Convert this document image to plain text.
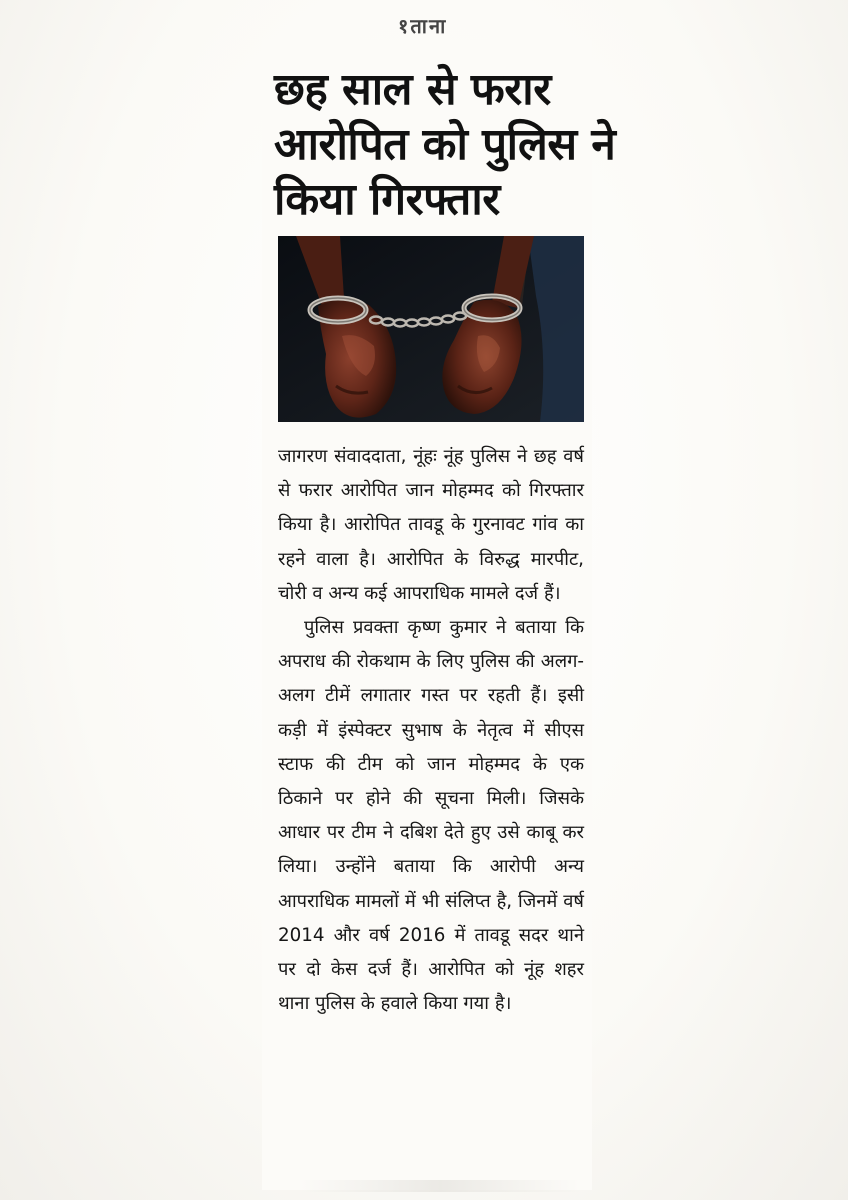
१ताना
छह साल से फरार
आरोपित को पुलिस ने
किया गिरफ्तार

जागरण संवाददाता, नूंहः नूंह पुलिस ने छह वर्ष से फरार आरोपित जान मोहम्मद को गिरफ्तार किया है। आरोपित तावडू के गुरनावट गांव का रहने वाला है। आरोपित के विरुद्ध मारपीट, चोरी व अन्य कई आपराधिक मामले दर्ज हैं।

पुलिस प्रवक्ता कृष्ण कुमार ने बताया कि अपराध की रोकथाम के लिए पुलिस की अलग-अलग टीमें लगातार गस्त पर रहती हैं। इसी कड़ी में इंस्पेक्टर सुभाष के नेतृत्व में सीएस स्टाफ की टीम को जान मोहम्मद के एक ठिकाने पर होने की सूचना मिली। जिसके आधार पर टीम ने दबिश देते हुए उसे काबू कर लिया। उन्होंने बताया कि आरोपी अन्य आपराधिक मामलों में भी संलिप्त है, जिनमें वर्ष 2014 और वर्ष 2016 में तावडू सदर थाने पर दो केस दर्ज हैं। आरोपित को नूंह शहर थाना पुलिस के हवाले किया गया है।
